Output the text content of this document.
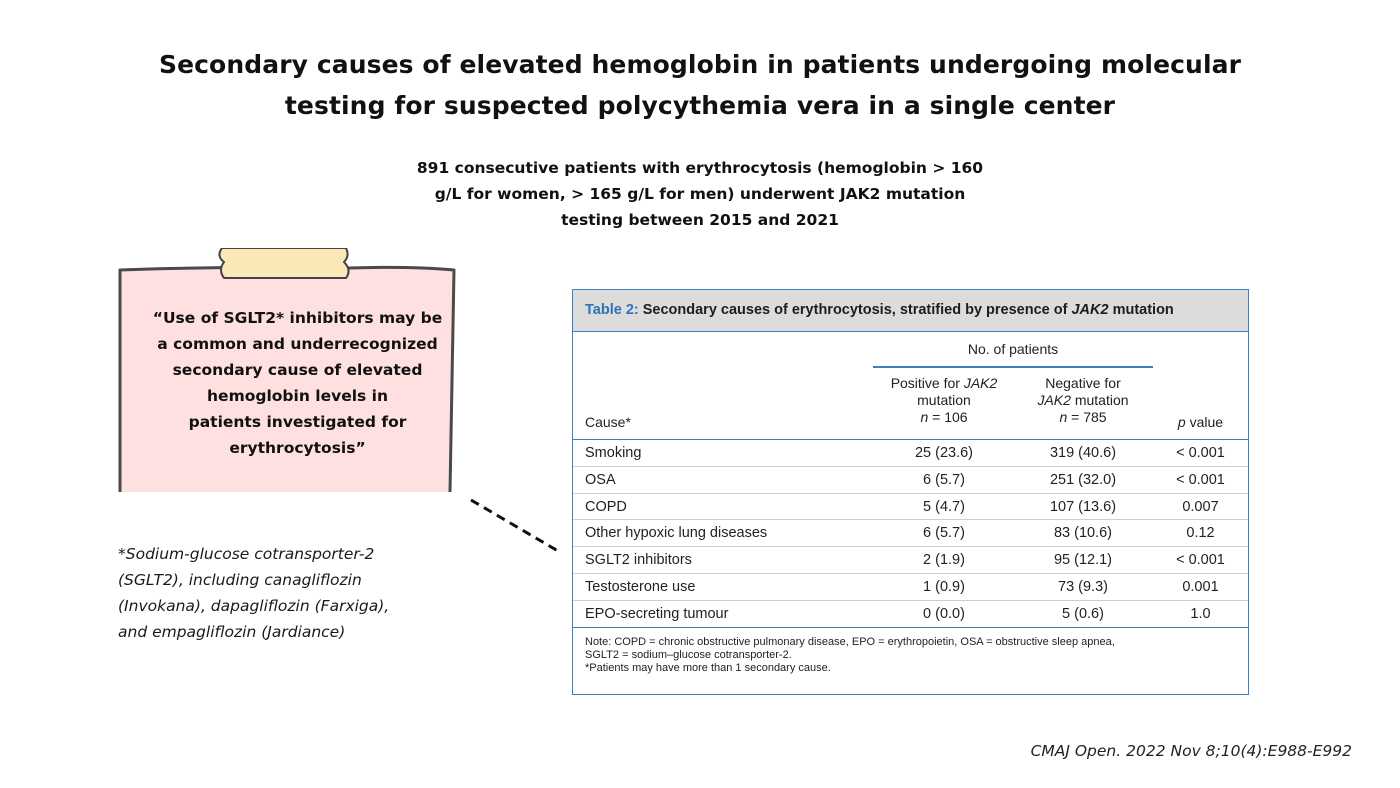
Secondary causes of elevated hemoglobin in patients undergoing molecular
testing for suspected polycythemia vera in a single center
891 consecutive patients with erythrocytosis (hemoglobin > 160
g/L for women, > 165 g/L for men) underwent JAK2 mutation
testing between 2015 and 2021
“Use of SGLT2* inhibitors may be
a common and underrecognized
secondary cause of elevated
hemoglobin levels in
patients investigated for
erythrocytosis”
*Sodium-glucose cotransporter-2
(SGLT2), including canagliflozin
(Invokana), dapagliflozin (Farxiga),
and empagliflozin (Jardiance)
Table 2: Secondary causes of erythrocytosis, stratified by presence of JAK2 mutation
No. of patients
Positive for JAK2
mutation
n = 106
Negative for
JAK2 mutation
n = 785
Cause*	p value
Smoking	25 (23.6)	319 (40.6)	< 0.001
OSA	6 (5.7)	251 (32.0)	< 0.001
COPD	5 (4.7)	107 (13.6)	0.007
Other hypoxic lung diseases	6 (5.7)	83 (10.6)	0.12
SGLT2 inhibitors	2 (1.9)	95 (12.1)	< 0.001
Testosterone use	1 (0.9)	73 (9.3)	0.001
EPO-secreting tumour	0 (0.0)	5 (0.6)	1.0
Note: COPD = chronic obstructive pulmonary disease, EPO = erythropoietin, OSA = obstructive sleep apnea,
SGLT2 = sodium–glucose cotransporter-2.
*Patients may have more than 1 secondary cause.
CMAJ Open. 2022 Nov 8;10(4):E988-E992
